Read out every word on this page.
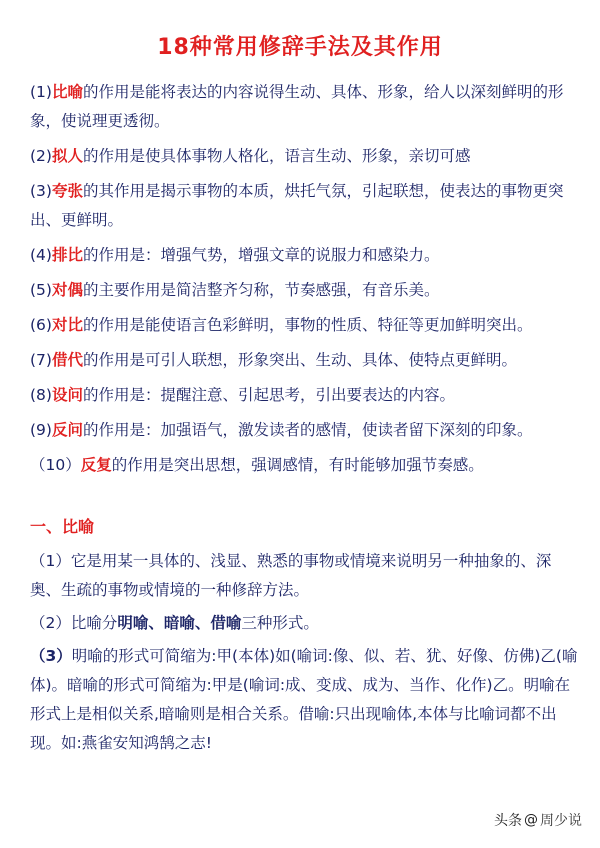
18种常用修辞手法及其作用
(1)比喻的作用是能将表达的内容说得生动、具体、形象，给人以深刻鲜明的形象，使说理更透彻。
(2)拟人的作用是使具体事物人格化，语言生动、形象，亲切可感
(3)夸张的其作用是揭示事物的本质，烘托气氛，引起联想，使表达的事物更突出、更鲜明。
(4)排比的作用是：增强气势，增强文章的说服力和感染力。
(5)对偶的主要作用是简洁整齐匀称，节奏感强，有音乐美。
(6)对比的作用是能使语言色彩鲜明，事物的性质、特征等更加鲜明突出。
(7)借代的作用是可引人联想，形象突出、生动、具体、使特点更鲜明。
(8)设问的作用是：提醒注意、引起思考，引出要表达的内容。
(9)反问的作用是：加强语气，激发读者的感情，使读者留下深刻的印象。
（10）反复的作用是突出思想，强调感情，有时能够加强节奏感。
一、比喻
（1）它是用某一具体的、浅显、熟悉的事物或情境来说明另一种抽象的、深奥、生疏的事物或情境的一种修辞方法。
（2）比喻分明喻、暗喻、借喻三种形式。
（3）明喻的形式可简缩为:甲(本体)如(喻词:像、似、若、犹、好像、仿佛)乙(喻体)。暗喻的形式可简缩为:甲是(喻词:成、变成、成为、当作、化作)乙。明喻在形式上是相似关系,暗喻则是相合关系。借喻:只出现喻体,本体与比喻词都不出现。如:燕雀安知鸿鹄之志!
头条 @ 周少说
